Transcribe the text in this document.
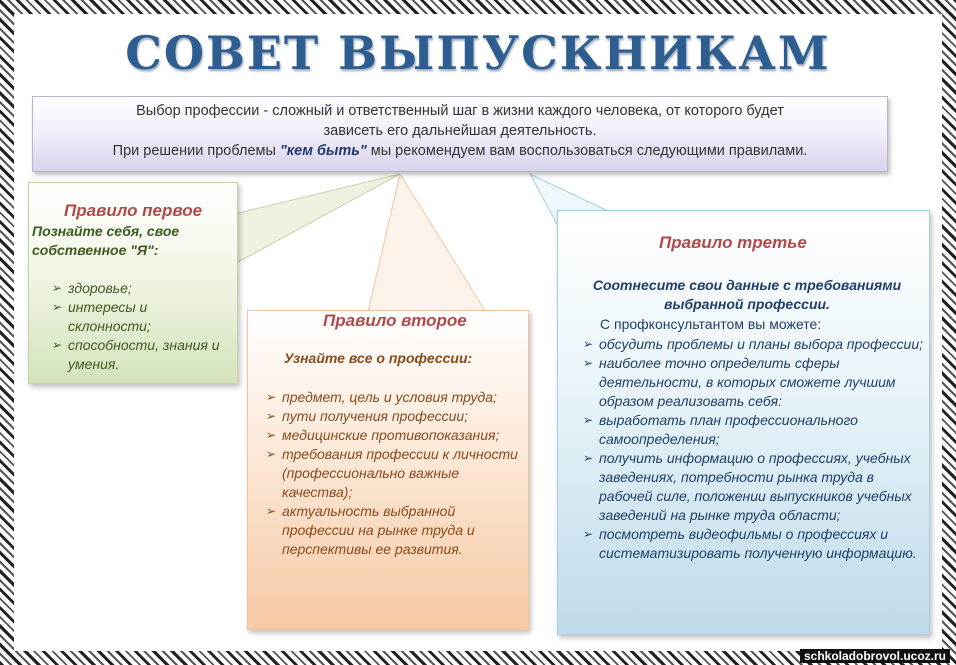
СОВЕТ ВЫПУСКНИКАМ
Выбор профессии - сложный и ответственный шаг в жизни каждого человека, от которого будет
зависеть его дальнейшая деятельность.
При решении проблемы "кем быть" мы рекомендуем вам воспользоваться следующими правилами.
Правило первое
Познайте себя, свое собственное "Я":
➢ здоровье;
➢ интересы и склонности;
➢ способности, знания и умения.
Правило второе
Узнайте все о профессии:
➢ предмет, цель и условия труда;
➢ пути получения профессии;
➢ медицинские противопоказания;
➢ требования профессии к личности (профессионально важные качества);
➢ актуальность выбранной профессии на рынке труда и перспективы ее развития.
Правило третье
Соотнесите свои данные с требованиями выбранной профессии.
С профконсультантом вы можете:
➢ обсудить проблемы и планы выбора профессии;
➢ наиболее точно определить сферы деятельности, в которых сможете лучшим образом реализовать себя:
➢ выработать план профессионального самоопределения;
➢ получить информацию о профессиях, учебных заведениях, потребности рынка труда в рабочей силе, положении выпускников учебных заведений на рынке труда области;
➢ посмотреть видеофильмы о профессиях и систематизировать полученную информацию.
schkoladobrovol.ucoz.ru
